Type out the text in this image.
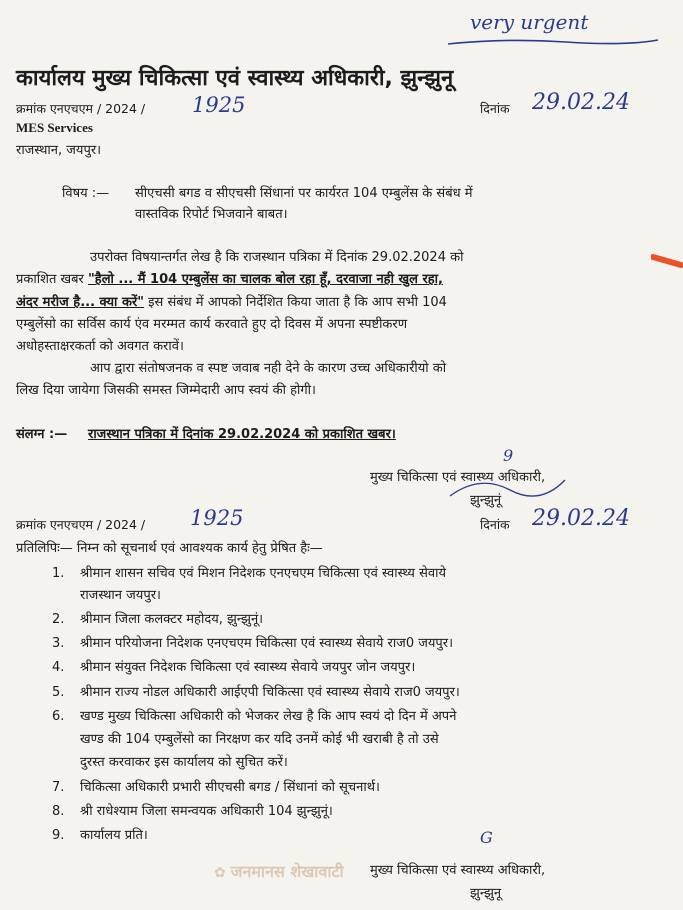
very urgent
कार्यालय मुख्य चिकित्सा एवं स्वास्थ्य अधिकारी, झुन्झुनू
क्रमांक एनएचएम / 2024 / 1925	दिनांक 29.02.24
MES Services
राजस्थान, जयपुर।
विषय :— सीएचसी बगड व सीएचसी सिंधानां पर कार्यरत 104 एम्बुलेंस के संबंध में
वास्तविक रिपोर्ट भिजवाने बाबत।
उपरोक्त विषयान्तर्गत लेख है कि राजस्थान पत्रिका में दिनांक 29.02.2024 को
प्रकाशित खबर "हैलो ... मैं 104 एम्बुलेंस का चालक बोल रहा हूँ, दरवाजा नही खुल रहा,
अंदर मरीज है... क्या करें" इस संबंध में आपको निर्देशित किया जाता है कि आप सभी 104
एम्बुलेंसो का सर्विस कार्य एंव मरम्मत कार्य करवाते हुए दो दिवस में अपना स्पष्टीकरण
अधोहस्ताक्षरकर्ता को अवगत करावें।
आप द्वारा संतोषजनक व स्पष्ट जवाब नही देने के कारण उच्च अधिकारीयो को
लिख दिया जायेगा जिसकी समस्त जिम्मेदारी आप स्वयं की होगी।
संलग्न :— राजस्थान पत्रिका में दिनांक 29.02.2024 को प्रकाशित खबर।
9
मुख्य चिकित्सा एवं स्वास्थ्य अधिकारी,
झुन्झुनूं
क्रमांक एनएचएम / 2024 / 1925	दिनांक 29.02.24
प्रतिलिपिः— निम्न को सूचनार्थ एवं आवश्यक कार्य हेतु प्रेषित हैः—
1. श्रीमान शासन सचिव एवं मिशन निदेशक एनएचएम चिकित्सा एवं स्वास्थ्य सेवाये
राजस्थान जयपुर।
2. श्रीमान जिला कलक्टर महोदय, झुन्झुनूं।
3. श्रीमान परियोजना निदेशक एनएचएम चिकित्सा एवं स्वास्थ्य सेवाये राज0 जयपुर।
4. श्रीमान संयुक्त निदेशक चिकित्सा एवं स्वास्थ्य सेवाये जयपुर जोन जयपुर।
5. श्रीमान राज्य नोडल अधिकारी आईएपी चिकित्सा एवं स्वास्थ्य सेवाये राज0 जयपुर।
6. खण्ड मुख्य चिकित्सा अधिकारी को भेजकर लेख है कि आप स्वयं दो दिन में अपने
खण्ड की 104 एम्बुलेंसो का निरक्षण कर यदि उनमें कोई भी खराबी है तो उसे
दुरस्त करवाकर इस कार्यालय को सुचित करें।
7. चिकित्सा अधिकारी प्रभारी सीएचसी बगड / सिंधानां को सूचनार्थ।
8. श्री राधेश्याम जिला समन्वयक अधिकारी 104 झुन्झुनूं।
9. कार्यालय प्रति।	G
मुख्य चिकित्सा एवं स्वास्थ्य अधिकारी,
झुन्झुनू
✿ जनमानस शेखावाटी
